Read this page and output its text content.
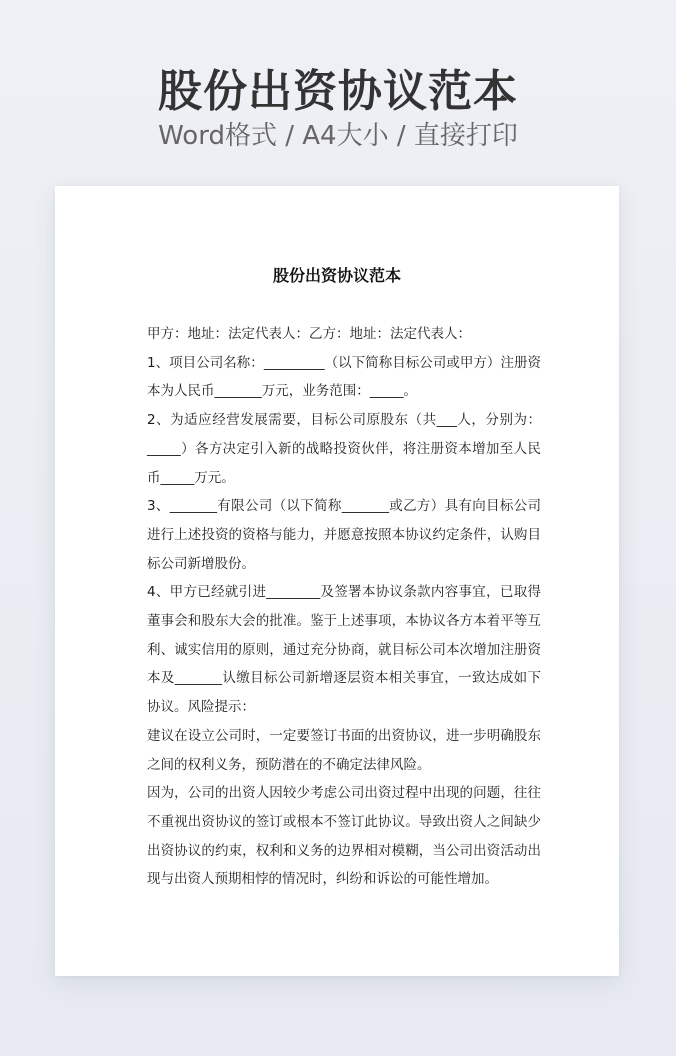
股份出资协议范本
Word格式 / A4大小 / 直接打印
股份出资协议范本

甲方：地址：法定代表人：乙方：地址：法定代表人：

1、项目公司名称：_________（以下简称目标公司或甲方）注册资本为人民币_______万元，业务范围：_____。

2、为适应经营发展需要，目标公司原股东（共___人，分别为：_____）各方决定引入新的战略投资伙伴，将注册资本增加至人民币_____万元。

3、_______有限公司（以下简称_______或乙方）具有向目标公司进行上述投资的资格与能力，并愿意按照本协议约定条件，认购目标公司新增股份。

4、甲方已经就引进________及签署本协议条款内容事宜，已取得董事会和股东大会的批准。鉴于上述事项，本协议各方本着平等互利、诚实信用的原则，通过充分协商，就目标公司本次增加注册资本及_______认缴目标公司新增逐层资本相关事宜，一致达成如下协议。风险提示：

建议在设立公司时，一定要签订书面的出资协议，进一步明确股东之间的权利义务，预防潜在的不确定法律风险。

因为，公司的出资人因较少考虑公司出资过程中出现的问题，往往不重视出资协议的签订或根本不签订此协议。导致出资人之间缺少出资协议的约束，权利和义务的边界相对模糊，当公司出资活动出现与出资人预期相悖的情况时，纠纷和诉讼的可能性增加。
